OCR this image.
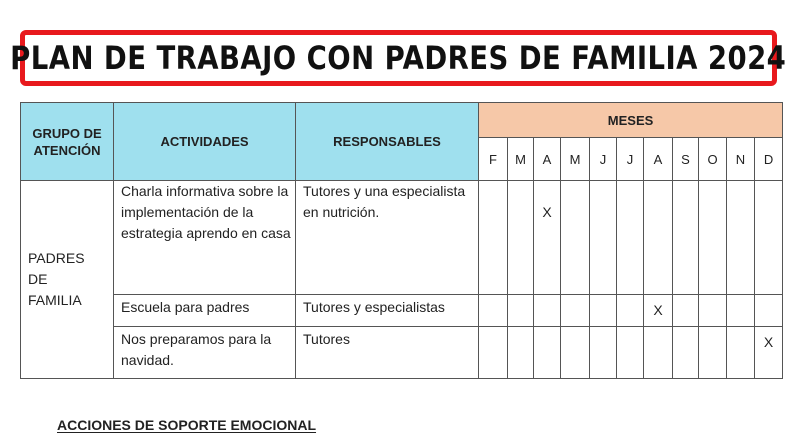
PLAN DE TRABAJO CON PADRES DE FAMILIA 2024
GRUPO DE ATENCIÓN	ACTIVIDADES	RESPONSABLES	MESES										
			F	M	A	M	J	J	A	S	O	N	D

PADRES DE FAMILIA	Charla informativa sobre la implementación de la estrategia aprendo en casa	Tutores y una especialista en nutrición.			X								
	Escuela para padres	Tutores y especialistas							X				
	Nos preparamos para la navidad.	Tutores											X
ACCIONES DE SOPORTE EMOCIONAL
